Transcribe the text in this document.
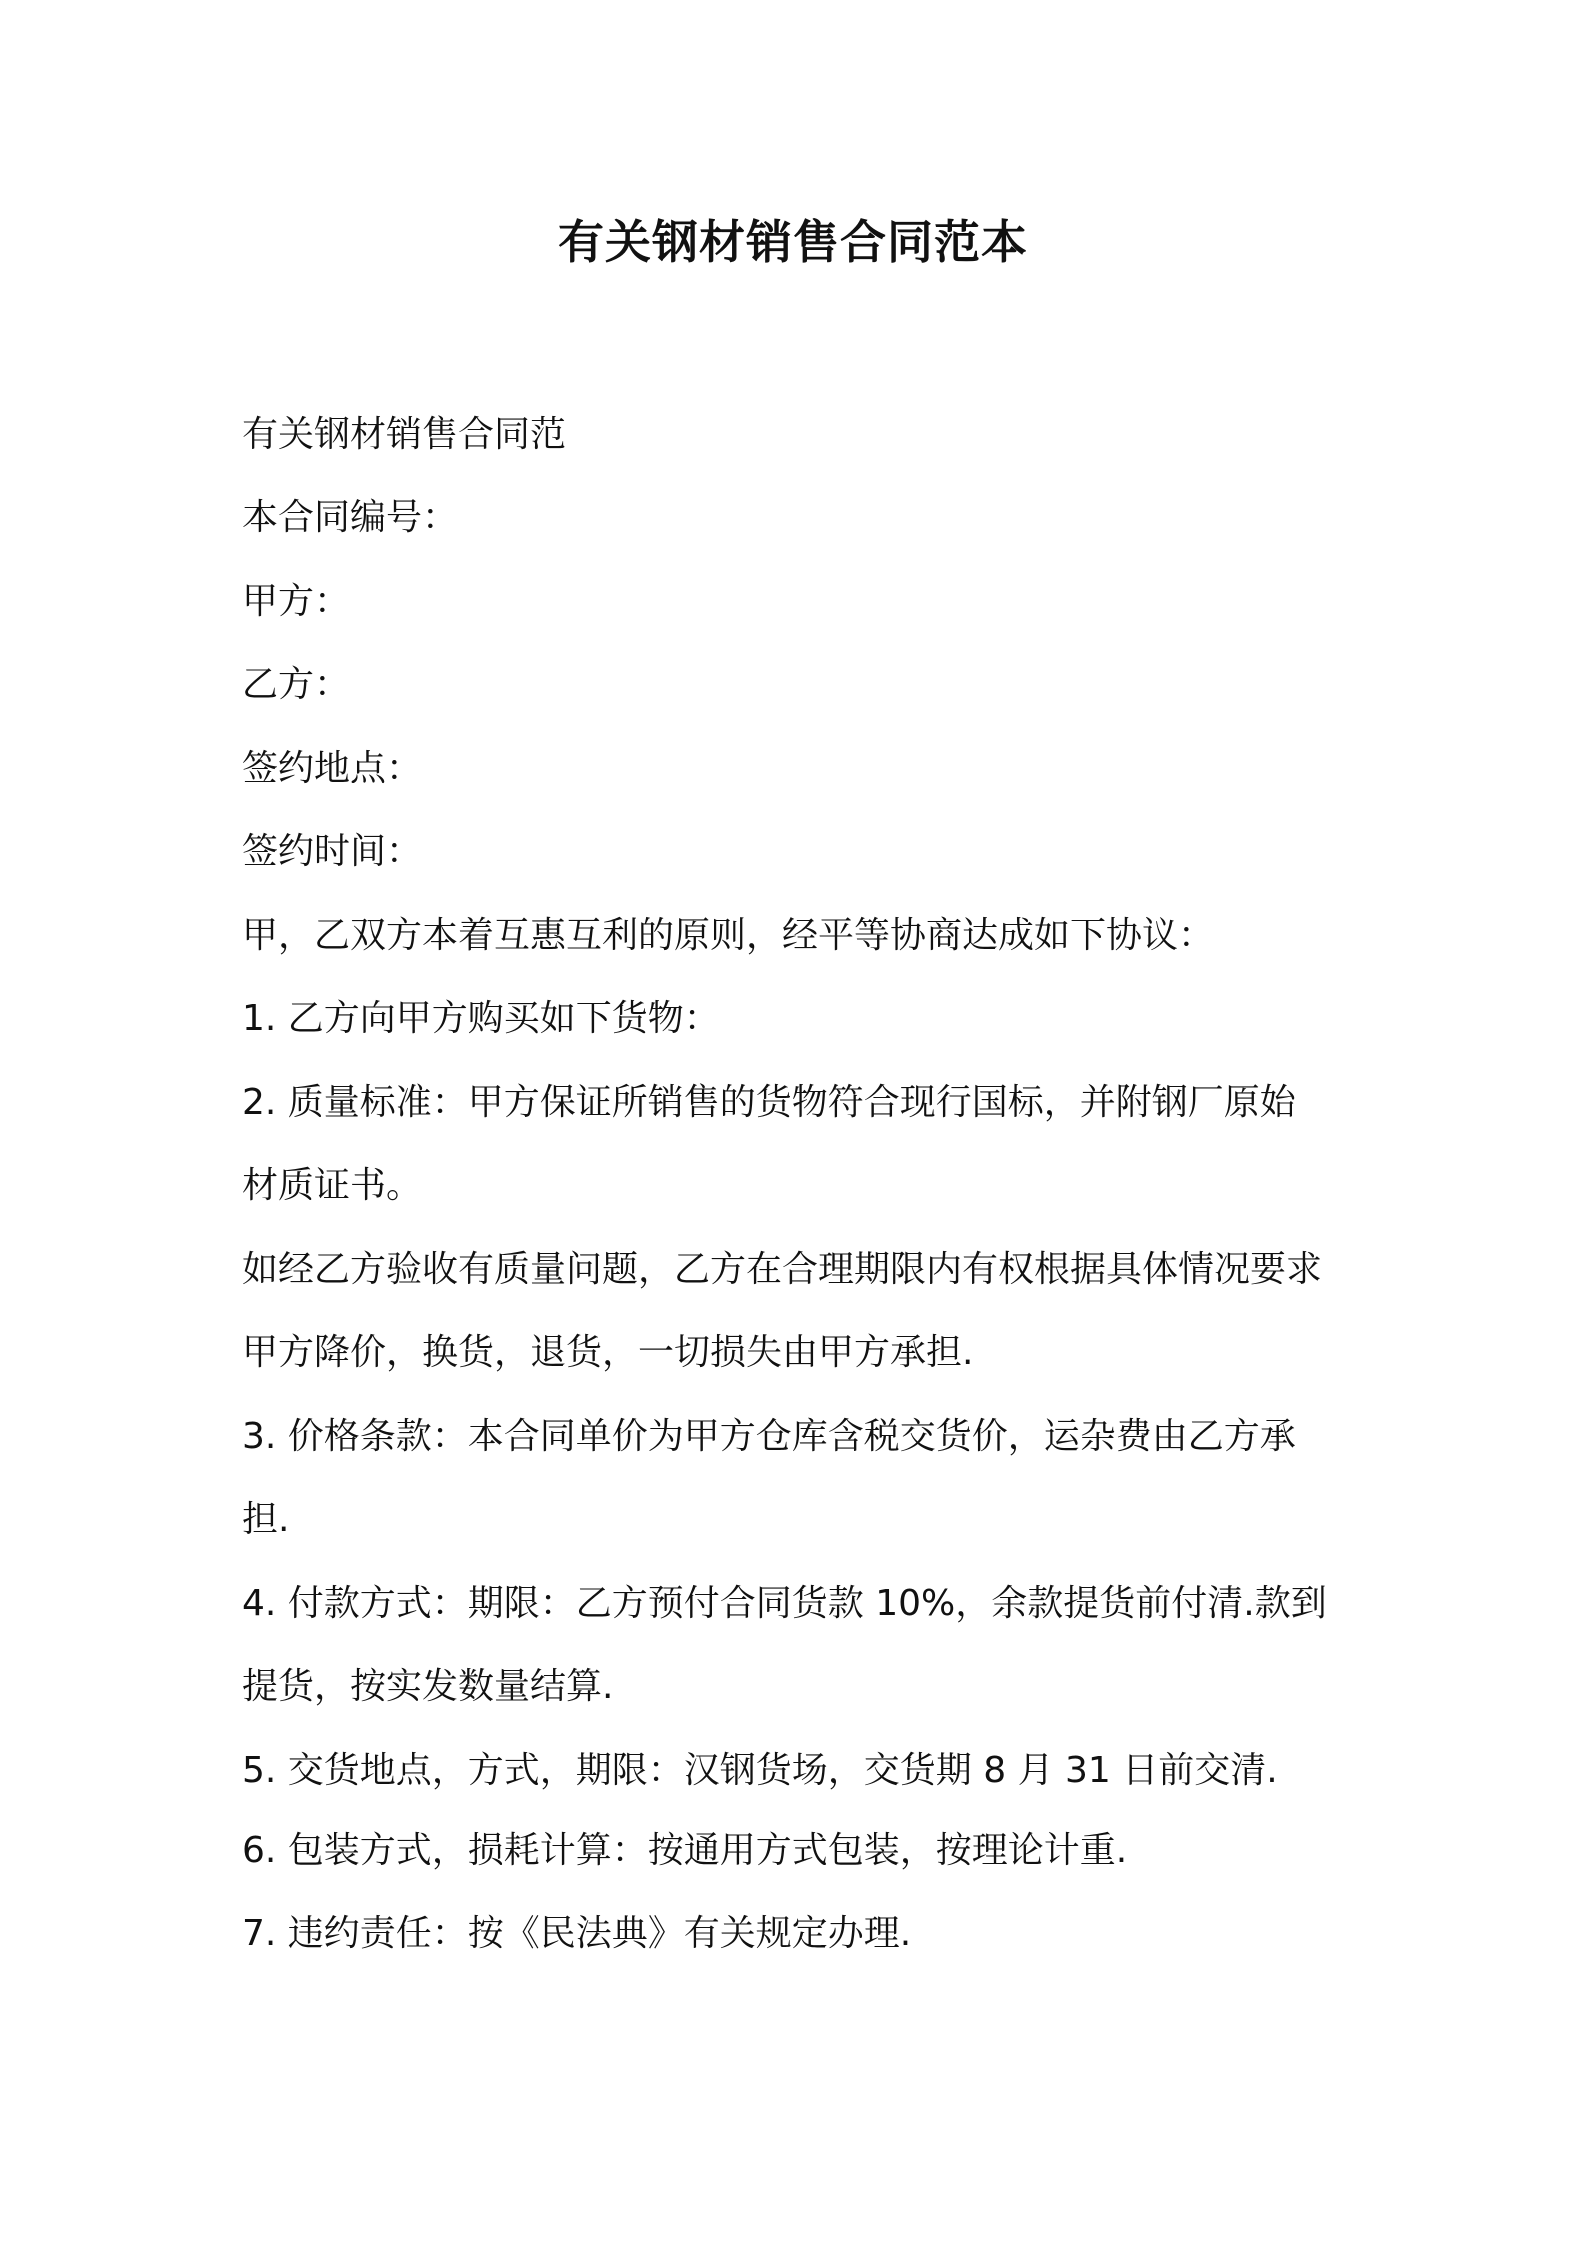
有关钢材销售合同范本
有关钢材销售合同范
本合同编号：
甲方：
乙方：
签约地点：
签约时间：
甲，乙双方本着互惠互利的原则，经平等协商达成如下协议：
1. 乙方向甲方购买如下货物：
2. 质量标准：甲方保证所销售的货物符合现行国标，并附钢厂原始
材质证书。
如经乙方验收有质量问题，乙方在合理期限内有权根据具体情况要求
甲方降价，换货，退货，一切损失由甲方承担.
3. 价格条款：本合同单价为甲方仓库含税交货价，运杂费由乙方承
担.
4. 付款方式：期限：乙方预付合同货款 10%，余款提货前付清.款到
提货，按实发数量结算.
5. 交货地点，方式，期限：汉钢货场，交货期 8 月 31 日前交清.
6. 包装方式，损耗计算：按通用方式包装，按理论计重.
7. 违约责任：按《民法典》有关规定办理.
